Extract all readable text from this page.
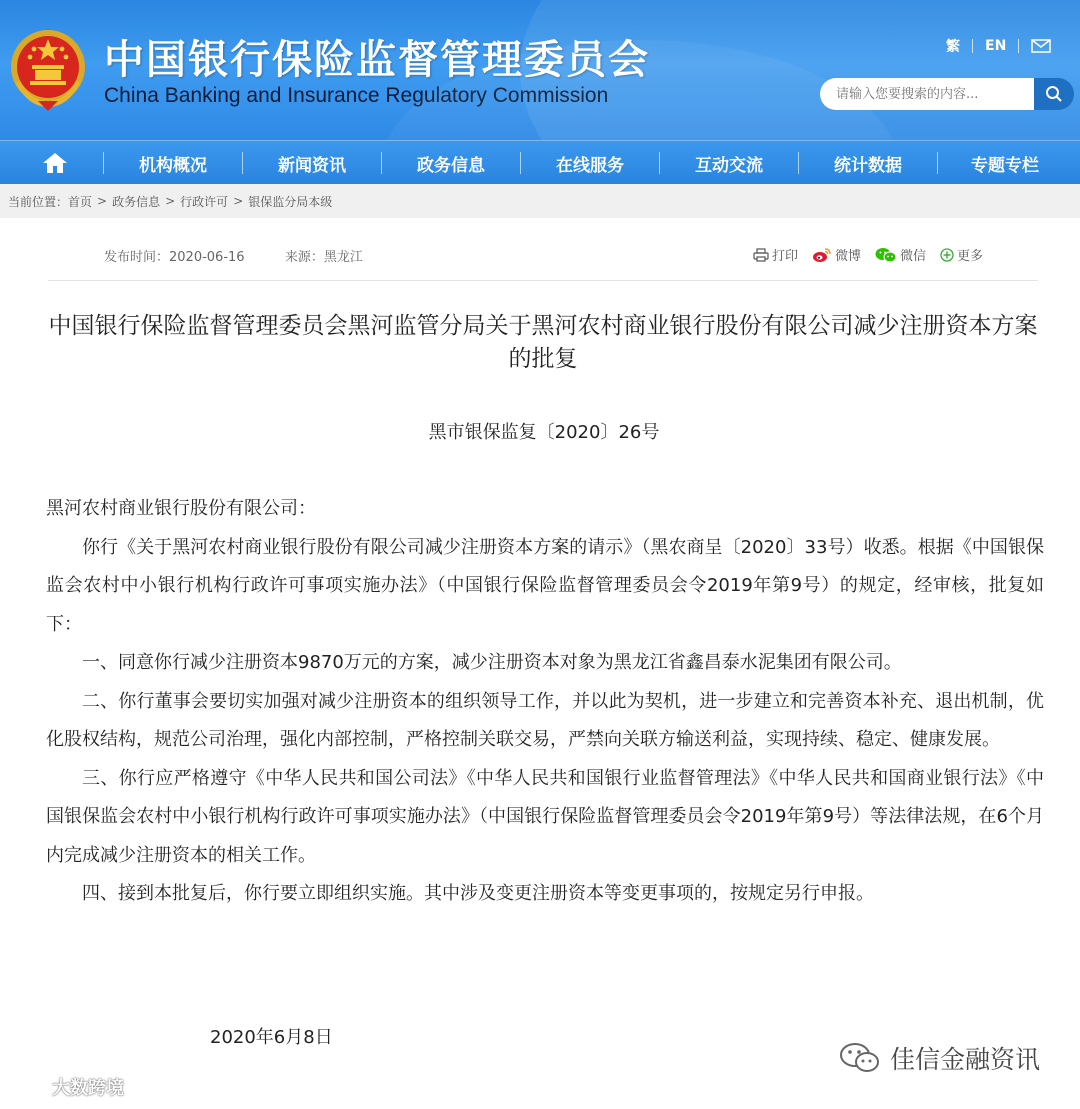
中国银行保险监督管理委员会
China Banking and Insurance Regulatory Commission
繁 EN
请输入您要搜索的内容...
机构概况	新闻资讯	政务信息	在线服务	互动交流	统计数据	专题专栏
当前位置： 首页 > 政务信息 > 行政许可 > 银保监分局本级
发布时间：2020-06-16	来源：黑龙江	打印	微博	微信 更多
中国银行保险监督管理委员会黑河监管分局关于黑河农村商业银行股份有限公司减少注册资本方案的批复
黑市银保监复〔2020〕26号

黑河农村商业银行股份有限公司：

你行《关于黑河农村商业银行股份有限公司减少注册资本方案的请示》（黑农商呈〔2020〕33号）收悉。根据《中国银保监会农村中小银行机构行政许可事项实施办法》（中国银行保险监督管理委员会令2019年第9号）的规定，经审核，批复如下：

一、同意你行减少注册资本9870万元的方案，减少注册资本对象为黑龙江省鑫昌泰水泥集团有限公司。

二、你行董事会要切实加强对减少注册资本的组织领导工作，并以此为契机，进一步建立和完善资本补充、退出机制，优化股权结构，规范公司治理，强化内部控制，严格控制关联交易，严禁向关联方输送利益，实现持续、稳定、健康发展。

三、你行应严格遵守《中华人民共和国公司法》《中华人民共和国银行业监督管理法》《中华人民共和国商业银行法》《中国银保监会农村中小银行机构行政许可事项实施办法》（中国银行保险监督管理委员会令2019年第9号）等法律法规，在6个月内完成减少注册资本的相关工作。

四、接到本批复后，你行要立即组织实施。其中涉及变更注册资本等变更事项的，按规定另行申报。

2020年6月8日
佳信金融资讯
大数跨境
